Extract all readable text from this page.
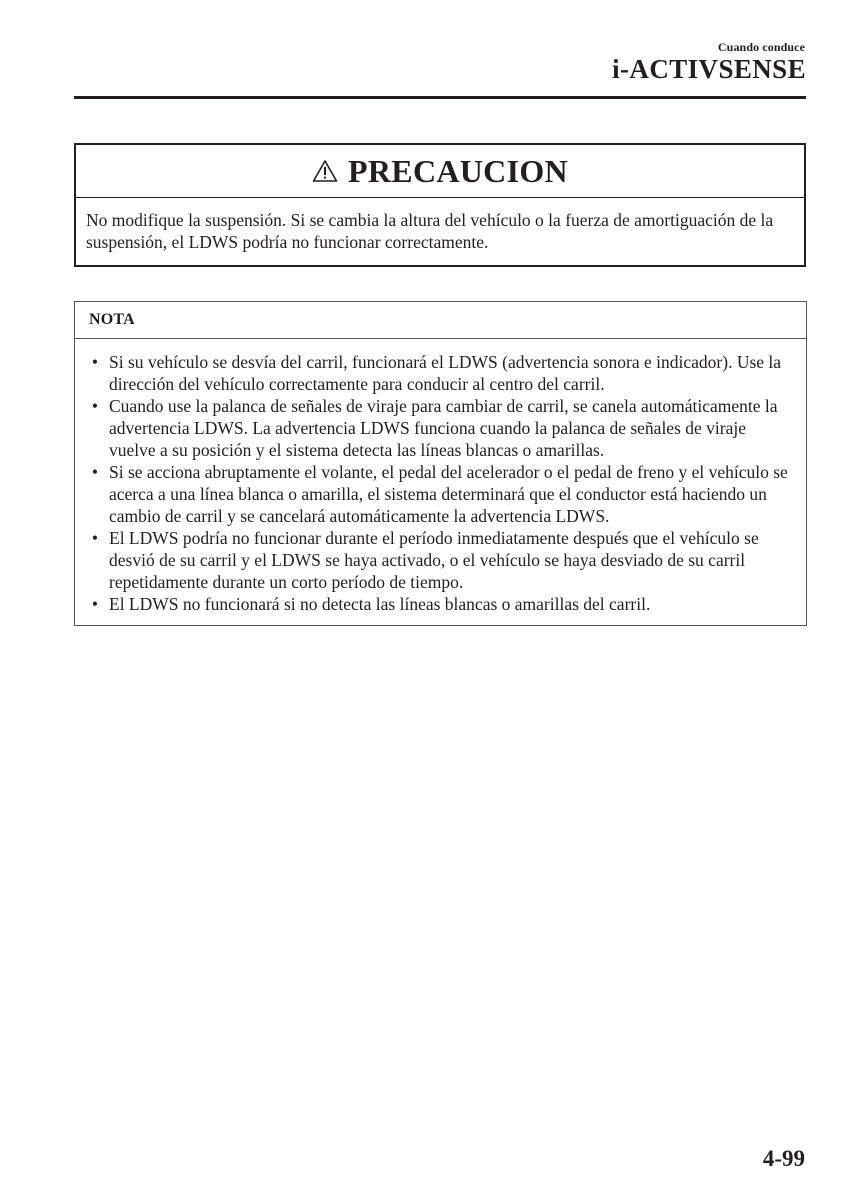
Cuando conduce
i-ACTIVSENSE
PRECAUCION
No modifique la suspensión. Si se cambia la altura del vehículo o la fuerza de amortiguación de la suspensión, el LDWS podría no funcionar correctamente.
NOTA
• Si su vehículo se desvía del carril, funcionará el LDWS (advertencia sonora e indicador). Use la dirección del vehículo correctamente para conducir al centro del carril.
• Cuando use la palanca de señales de viraje para cambiar de carril, se canela automáticamente la advertencia LDWS. La advertencia LDWS funciona cuando la palanca de señales de viraje vuelve a su posición y el sistema detecta las líneas blancas o amarillas.
• Si se acciona abruptamente el volante, el pedal del acelerador o el pedal de freno y el vehículo se acerca a una línea blanca o amarilla, el sistema determinará que el conductor está haciendo un cambio de carril y se cancelará automáticamente la advertencia LDWS.
• El LDWS podría no funcionar durante el período inmediatamente después que el vehículo se desvió de su carril y el LDWS se haya activado, o el vehículo se haya desviado de su carril repetidamente durante un corto período de tiempo.
• El LDWS no funcionará si no detecta las líneas blancas o amarillas del carril.
4-99
